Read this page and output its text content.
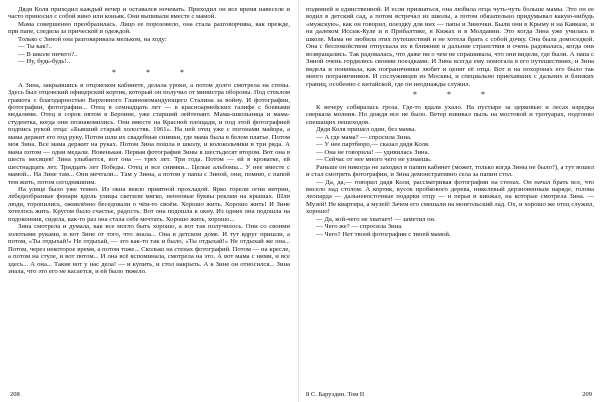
Дядя Коля приходил каждый вечер и оставался ночевать. Приходил он все время навеселе и часто приносил с собой вино или коньяк. Они выпивали вместе с мамой.

Мама совершенно преобразилась. Лицо ее порозовело, она стала разговорчива, как прежде, при папе, следила за прической и одеждой.

Только с Зиной она разговаривала мельком, на ходу:

— Ты как?..

— В школе ничего?..

— Ну, будь-будь!..

* * *

А Зина, закрывшись в отцовском кабинете, делала уроки, а потом долго смотрела на стены. Здесь был отцовский офицерский кортик, который он получил от министра обороны. Под стеклом грамота с благодарностью Верховного Главнокомандующего Сталина за войну. И фотографии, фотографии, фотографии... Отец в семнадцать лет — в красноармейских галифе с боевыми медалями. Отец в сорок пятом в Берлине, уже старший лейтенант. Мама-школьница и мама-студентка, когда они познакомились. Они вместе на Красной площади, и под этой фотографией подпись рукой отца: «Бывший старый холостяк. 1961». На ней отец уже с погонами майора, а мама держит его под руку. Потом шли их свадебные снимки, где мама была в белом платье. Потом моя Зина. Все мама держит на руках. Потом Зина пошла в школу, и колокольчики в три ряда. А мама потом — одни медали. Новенькая. Первая фотография Зины в шестьдесят втором. Вот она в шесть месяцев! Зина улыбается, вот она — трех лет. Три года. Потом — ей в кроватке, ей шестнадцать лет. Тридцать лет Победы. Отец и все снимки... Целые альбомы... У нее вместе с мамой... На Зине там... Они мечтали... Там у Зины, а потом у папы с Зиной, они, помню, с папой тем жить, потом сегодняшним.

На улице было уже темно. Из окна веяло приятной прохладой. Ярко горели огни витрин, лебедеобразные фонари вдоль улицы светили мягко, неоновые буквы реклам на крышах. Шли люди, торопились, оживлённо беседовали о чём-то своём. Хорошо жить. Хорошо жить! И Зине хотелось жить. Кругом было счастье, радость. Вот она подошла к окну. Из одних она подошла на подоконник, сидела, как-то раз она стала себе мечтать. Хорошо жить, хорошо...

Зина смотрела и думала, как все могло быть хорошо, а вот так получилось. Они со своими золотыми руками, и вот Зине от того, что знала... Она в детском доме. И тут вдруг пришли, а потом, «Ты отдыхай!» Не отдыхай, — это как-то так и было, «Ты отдыхай!» Не отдыхай же она... Потом, через некоторое время, а потом тоже... Сколько на стенах фотографий. Потом — на кресле, а потом на стуле, и вот потом... И она всё вспоминала, смотрела на это. А вот мама с ними, и все здесь... А она... Такие вот у нас дела! — и купить, и стол накрыть. А к Зине он относился... Зина знала, что это его не касается, и ей было тяжело.

подвиней и единственной. И если признаться, она любила отца чуть-чуть больше мамы. Это он ее водил в детский сад, а потом встречал из школы, а потом обязательно придумывал какую-нибудь «мужскую», как он говорил, поездку для них — папы и Зиночки. Были они в Крыму и на Кавказе, и на далеком Иссык-Куле и в Прибалтике, в Кижах и в Молдавии. Это когда Зина уже училась в школе. Мама не любила этих путешествий и не хотела брать с собой дочку. Она была домоседкой. Она с беспокойством отпускала их в ближние и дальние странствия и очень радовалась, когда они возвращались. Так радовалась, что даже ни о чем не спрашивала, что они видели, где были. А папа с Зиной очень гордились своими поездками. И Зина всегда ему помогала в его путешествиях, и Зина видела и понимала, как пограничники любят и ценят её отца. Вот и на похоронах его было так много пограничников. И сослуживцев из Москвы, и специально приехавших с дальних и близких границ, особенно с китайской, где он неоднажды служил.

* * *

К вечеру собиралась гроза. Где-то вдали ухало. На пустыре за церковью и лесах изредка сверкала молния. Но дождя все не было. Ветер взвивал пыль на мостовой и тротуарах, подгонял спешащих пешеходов.

Дядя Коля пришел один, без мамы.

— А где мама? — спросила Зина.

— У нее партбюро,— сказал дядя Коля.

— Она не говорила! — удивилась Зина.

— Сейчас от нее много чего не узнаешь.

Раньше он никогда не заходил в папин кабинет (может, только когда Зины не было?), а тут вошел и стал смотреть фотографии, и Зина демонстративно села за папин стол.

— Да, да,— говорил дядя Коля, рассматривая фотографии на стенах. Он начал брать все, что висело над столом. А кортик, кусок пробкового дерева, никелевый дерзновенным наряде, голова леопарда — дальневосточные подарки отцу — и перья и кинжал, на которые смотрела Зина. — Музей! Не квартира, а музей! Зачем его смешали на монгольский лад. Ох, и хорошо же отец служил, хорошо!

— Да, кой-чего не хватает! — заметил он.

— Чего же? — спросила Зина.

— Чего? Нет твоей фотографии с твоей мамой.

208	8 С. Баруздин. Том II	209
